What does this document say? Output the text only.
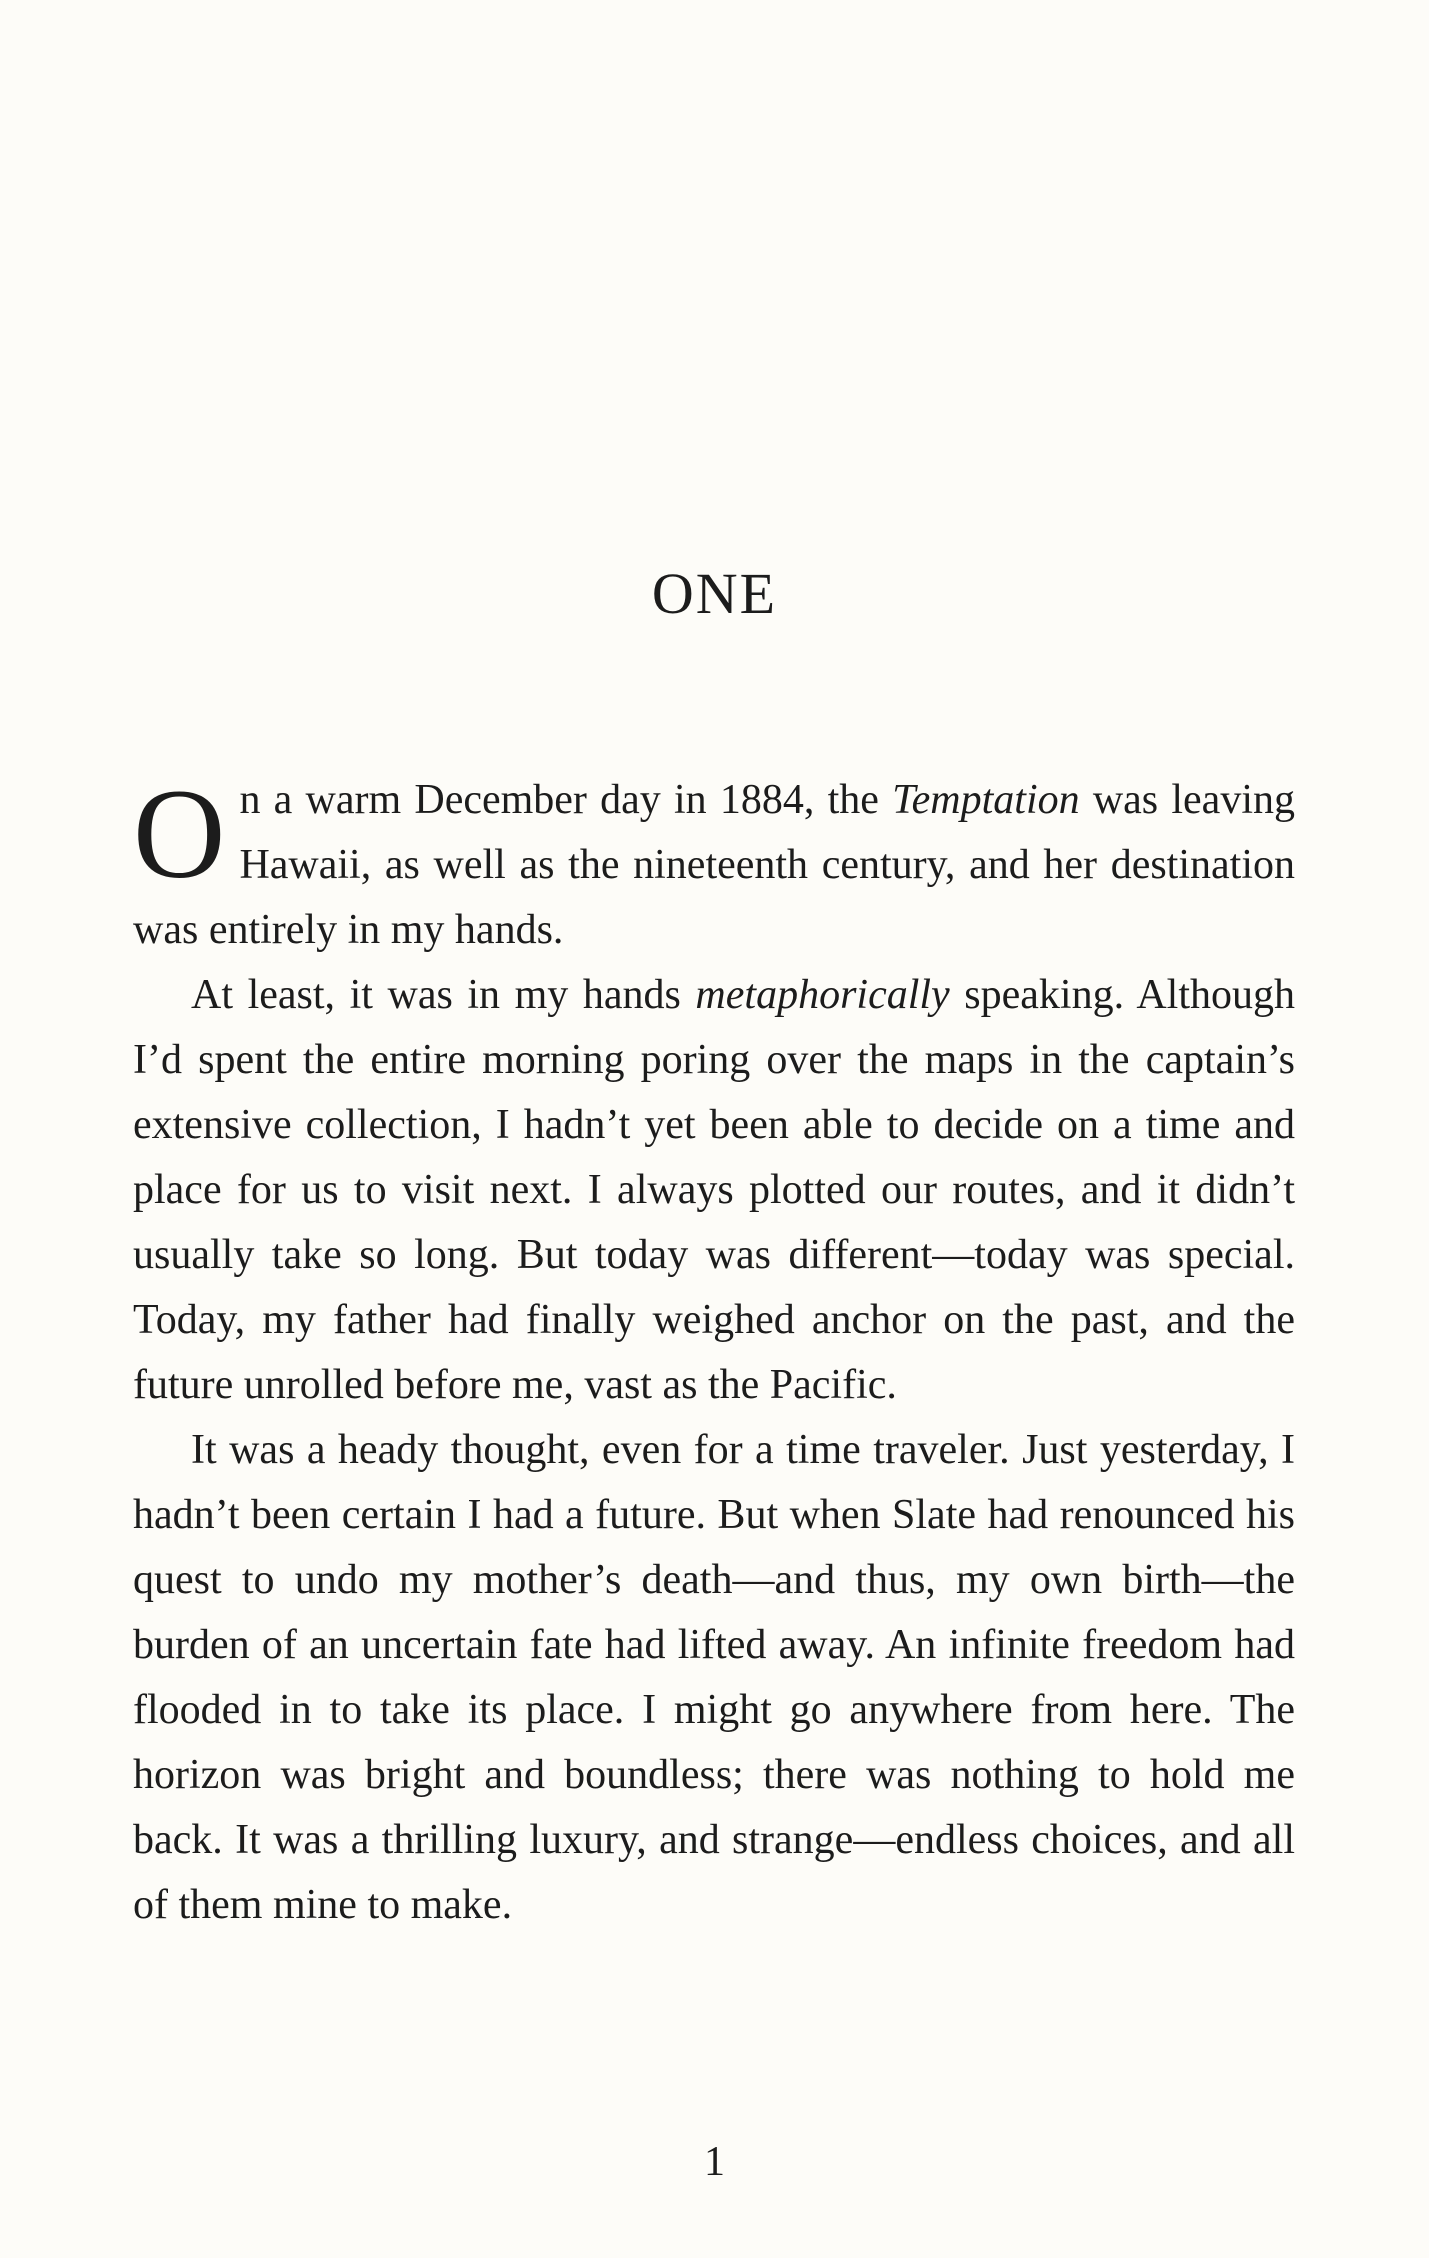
ONE

On a warm December day in 1884, the Temptation was leaving Hawaii, as well as the nineteenth century, and her destination was entirely in my hands.

At least, it was in my hands metaphorically speaking. Although I’d spent the entire morning poring over the maps in the captain’s extensive collection, I hadn’t yet been able to decide on a time and place for us to visit next. I always plotted our routes, and it didn’t usually take so long. But today was different—today was special. Today, my father had finally weighed anchor on the past, and the future unrolled before me, vast as the Pacific.

It was a heady thought, even for a time traveler. Just yesterday, I hadn’t been certain I had a future. But when Slate had renounced his quest to undo my mother’s death—and thus, my own birth—the burden of an uncertain fate had lifted away. An infinite freedom had flooded in to take its place. I might go anywhere from here. The horizon was bright and boundless; there was nothing to hold me back. It was a thrilling luxury, and strange—endless choices, and all of them mine to make.

1
